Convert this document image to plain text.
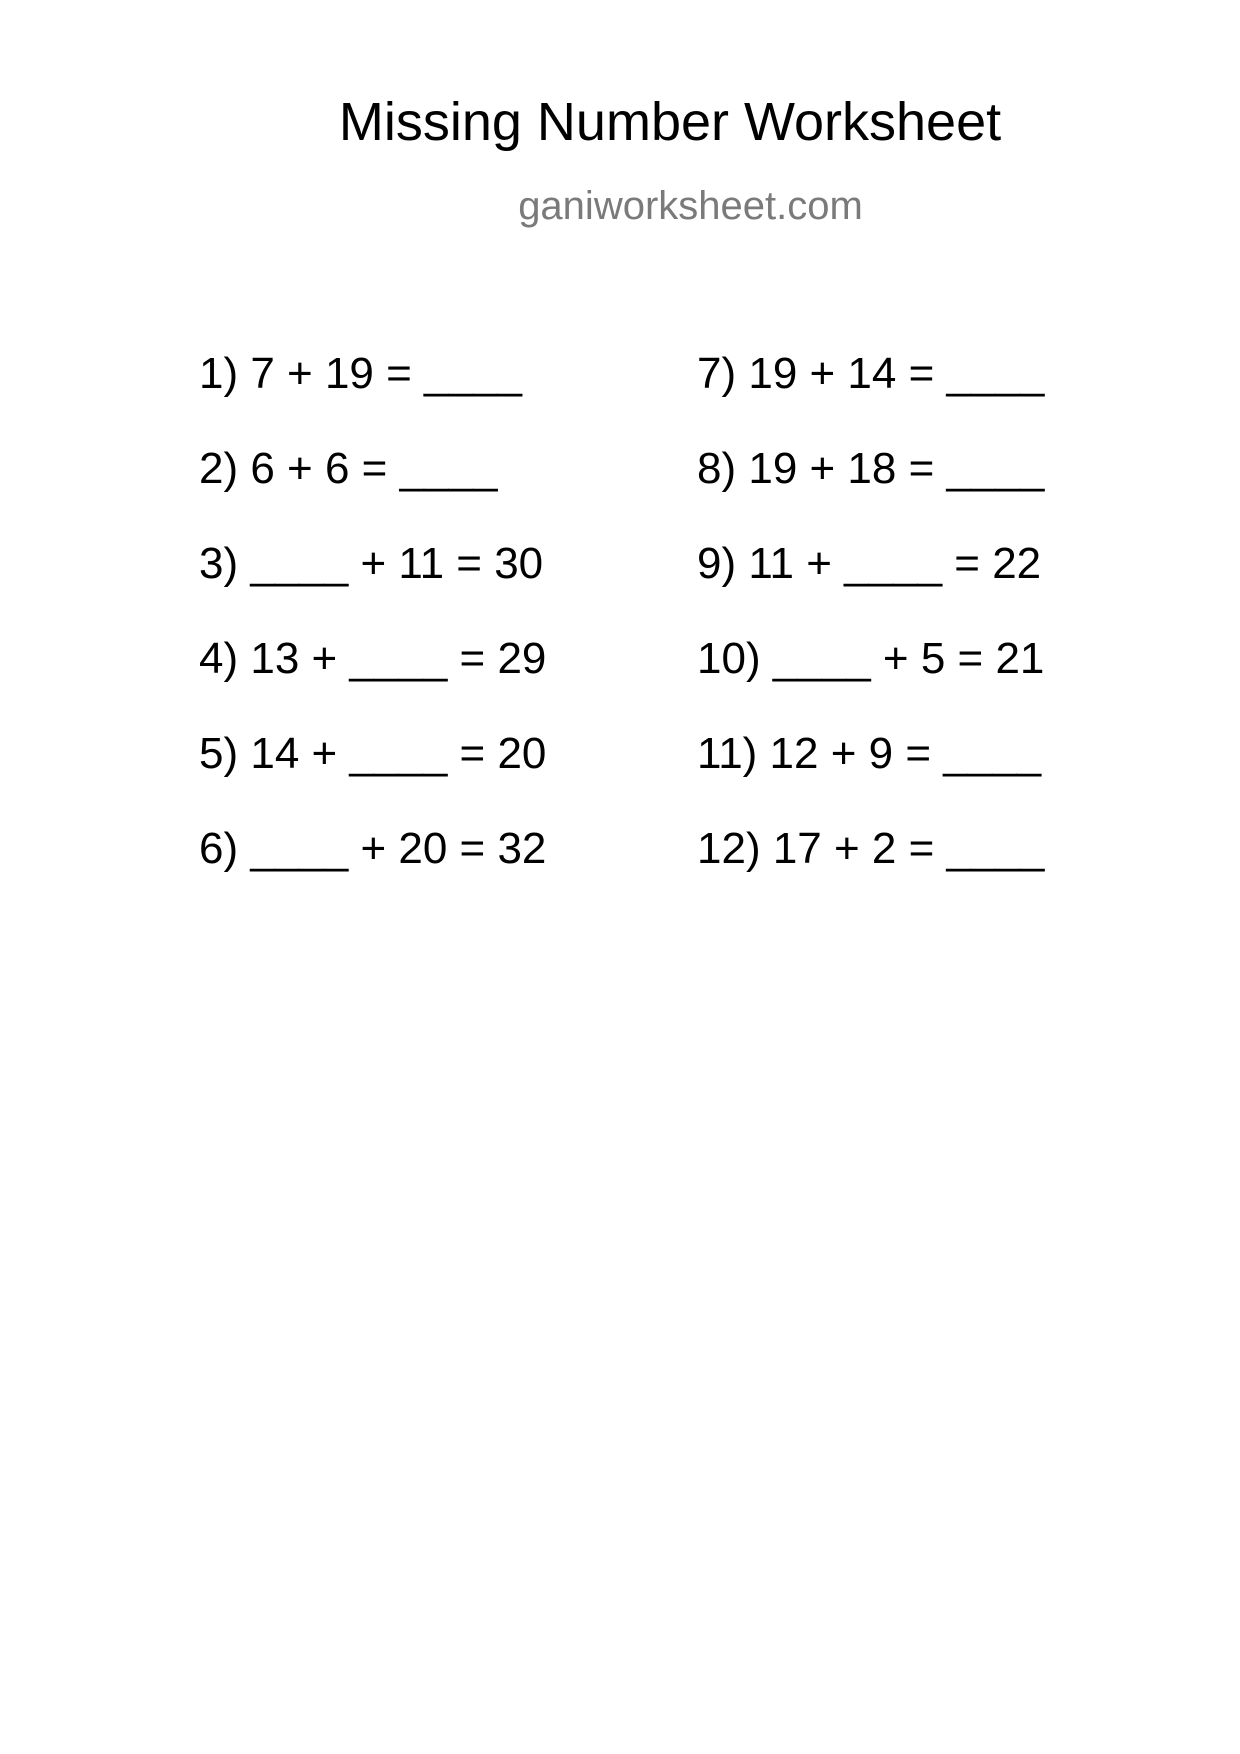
Missing Number Worksheet
ganiworksheet.com
1) 7 + 19 = ____
2) 6 + 6 = ____
3) ____ + 11 = 30
4) 13 + ____ = 29
5) 14 + ____ = 20
6) ____ + 20 = 32
7) 19 + 14 = ____
8) 19 + 18 = ____
9) 11 + ____ = 22
10) ____ + 5 = 21
11) 12 + 9 = ____
12) 17 + 2 = ____
